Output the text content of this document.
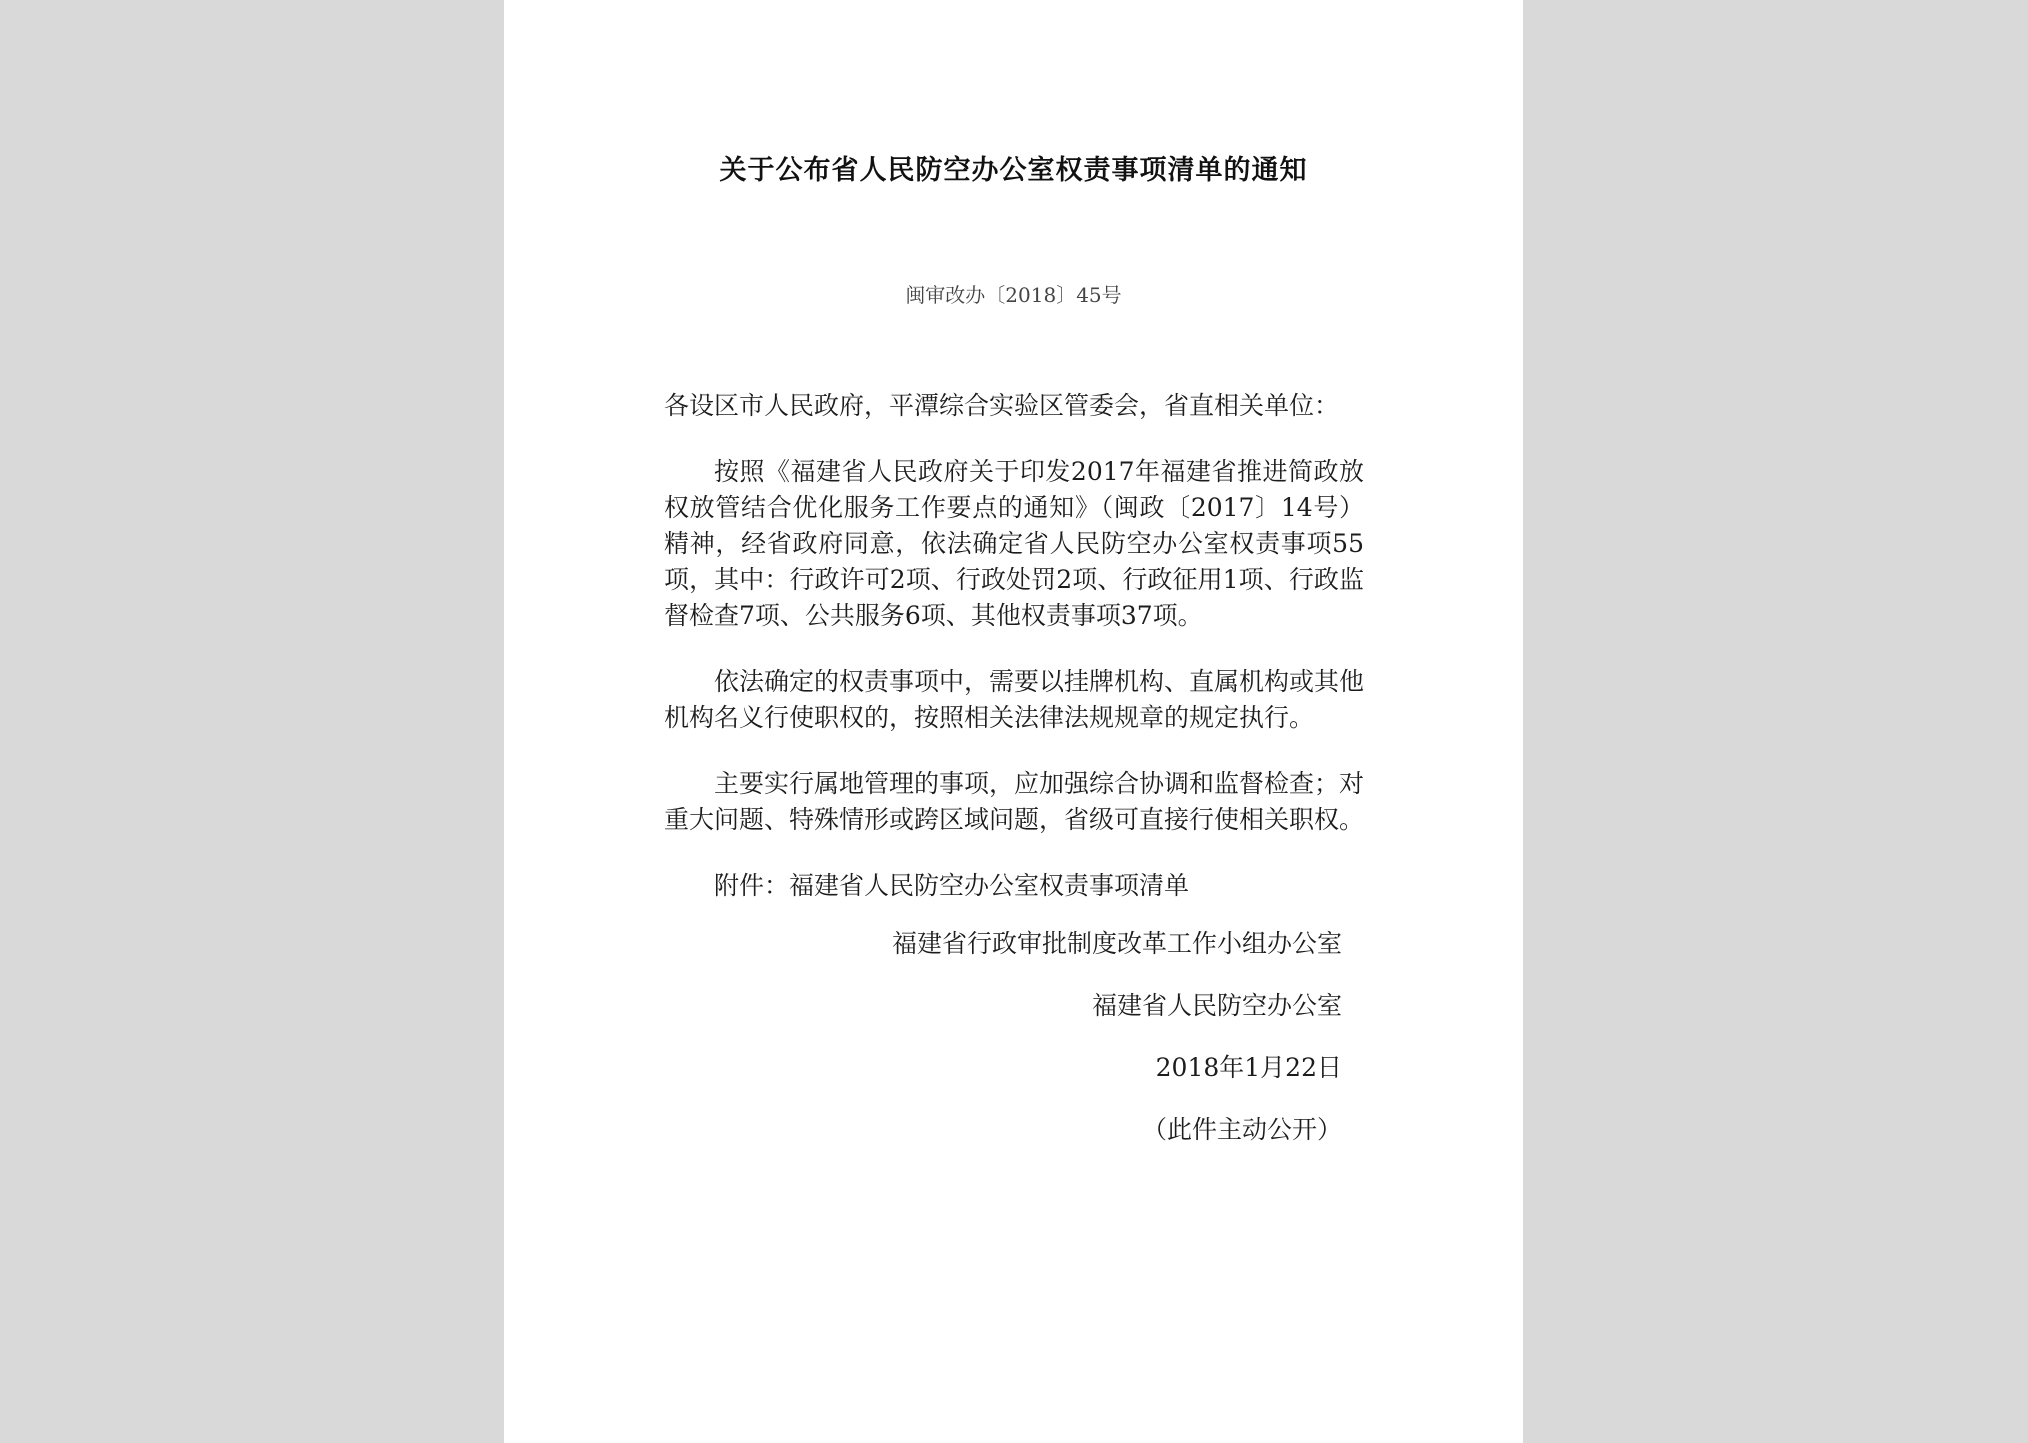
关于公布省人民防空办公室权责事项清单的通知
闽审改办〔2018〕45号

各设区市人民政府，平潭综合实验区管委会，省直相关单位：

按照《福建省人民政府关于印发2017年福建省推进简政放权放管结合优化服务工作要点的通知》（闽政〔2017〕14号）精神，经省政府同意，依法确定省人民防空办公室权责事项55项，其中：行政许可2项、行政处罚2项、行政征用1项、行政监督检查7项、公共服务6项、其他权责事项37项。

依法确定的权责事项中，需要以挂牌机构、直属机构或其他机构名义行使职权的，按照相关法律法规规章的规定执行。

主要实行属地管理的事项，应加强综合协调和监督检查；对重大问题、特殊情形或跨区域问题，省级可直接行使相关职权。

附件：福建省人民防空办公室权责事项清单

福建省行政审批制度改革工作小组办公室
福建省人民防空办公室
2018年1月22日
（此件主动公开）
